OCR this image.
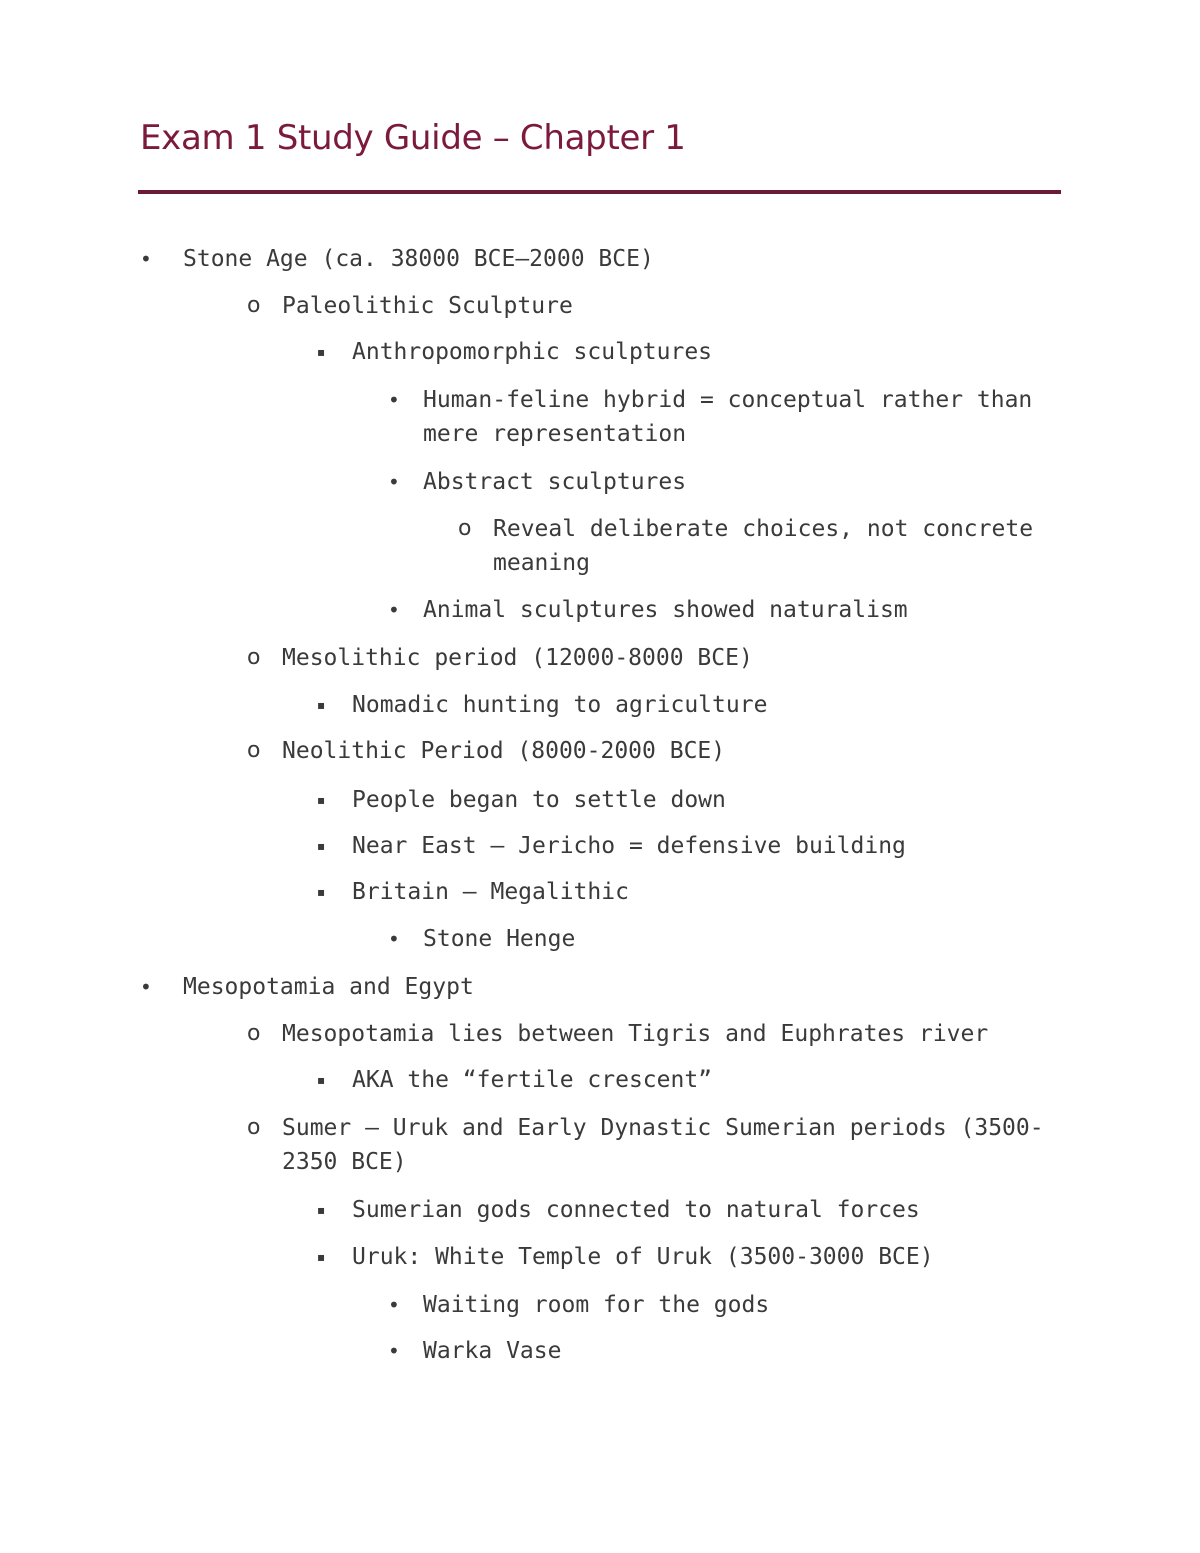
Exam 1 Study Guide – Chapter 1
• Stone Age (ca. 38000 BCE–2000 BCE)
o Paleolithic Sculpture
▪ Anthropomorphic sculptures
• Human-feline hybrid = conceptual rather than
mere representation
• Abstract sculptures
o Reveal deliberate choices, not concrete
meaning
• Animal sculptures showed naturalism
o Mesolithic period (12000-8000 BCE)
▪ Nomadic hunting to agriculture
o Neolithic Period (8000-2000 BCE)
▪ People began to settle down
▪ Near East – Jericho = defensive building
▪ Britain – Megalithic
• Stone Henge
• Mesopotamia and Egypt
o Mesopotamia lies between Tigris and Euphrates river
▪ AKA the “fertile crescent”
o Sumer – Uruk and Early Dynastic Sumerian periods (3500-
2350 BCE)
▪ Sumerian gods connected to natural forces
▪ Uruk: White Temple of Uruk (3500-3000 BCE)
• Waiting room for the gods
• Warka Vase
